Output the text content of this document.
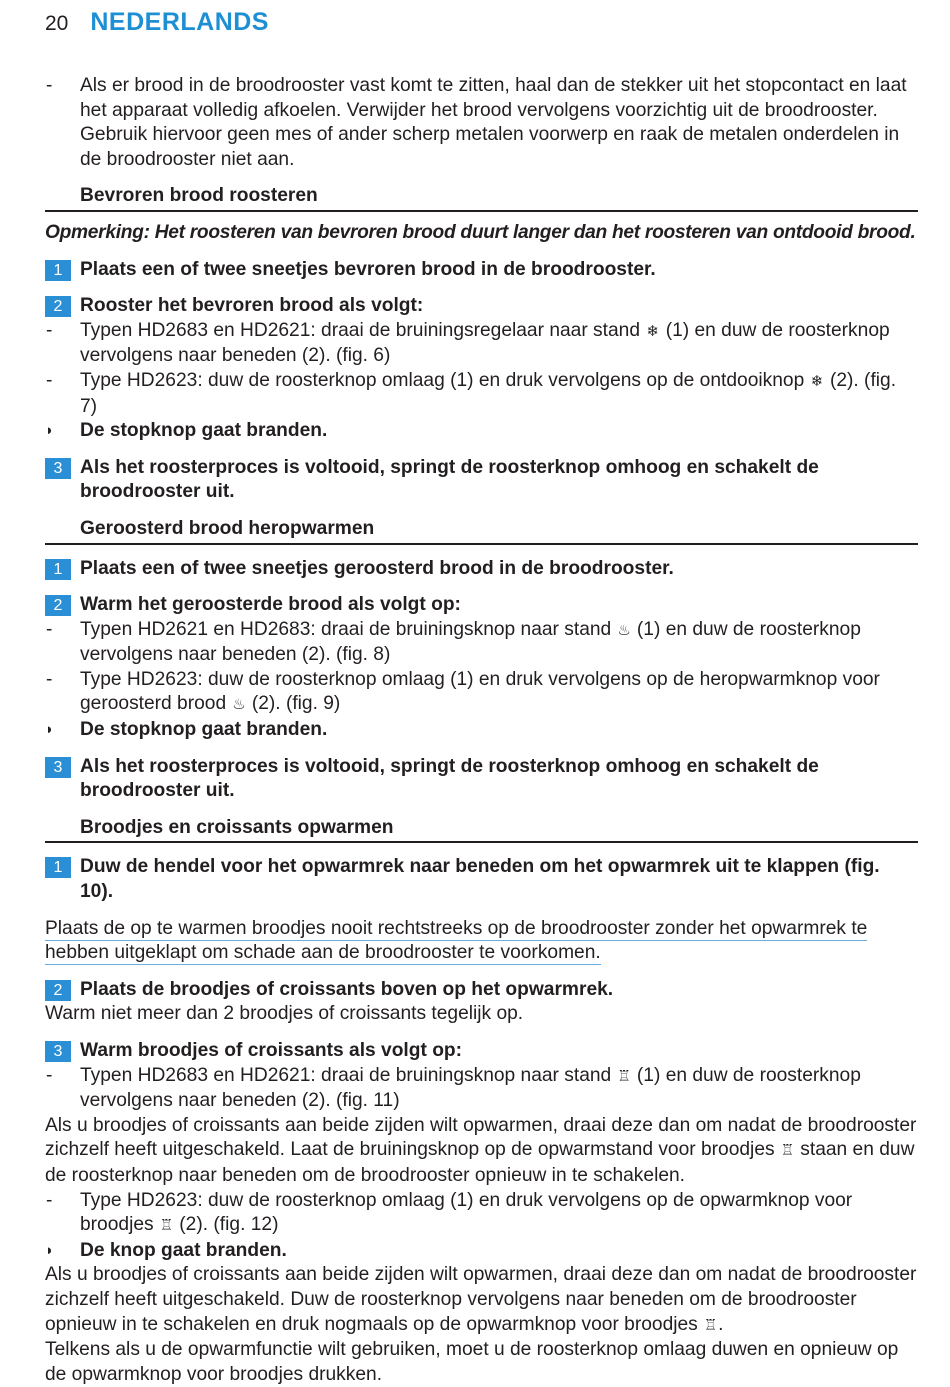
20 NEDERLANDS
- Als er brood in de broodrooster vast komt te zitten, haal dan de stekker uit het stopcontact en laat het apparaat volledig afkoelen. Verwijder het brood vervolgens voorzichtig uit de broodrooster. Gebruik hiervoor geen mes of ander scherp metalen voorwerp en raak de metalen onderdelen in de broodrooster niet aan.
Bevroren brood roosteren
Opmerking: Het roosteren van bevroren brood duurt langer dan het roosteren van ontdooid brood.
1 Plaats een of twee sneetjes bevroren brood in de broodrooster.
2 Rooster het bevroren brood als volgt:
- Typen HD2683 en HD2621: draai de bruiningsregelaar naar stand ❄ (1) en duw de roosterknop vervolgens naar beneden (2). (fig. 6)
- Type HD2623: duw de roosterknop omlaag (1) en druk vervolgens op de ontdooiknop ❄ (2). (fig. 7)
◗ De stopknop gaat branden.
3 Als het roosterproces is voltooid, springt de roosterknop omhoog en schakelt de broodrooster uit.
Geroosterd brood heropwarmen
1 Plaats een of twee sneetjes geroosterd brood in de broodrooster.
2 Warm het geroosterde brood als volgt op:
- Typen HD2621 en HD2683: draai de bruiningsknop naar stand ♨ (1) en duw de roosterknop vervolgens naar beneden (2). (fig. 8)
- Type HD2623: duw de roosterknop omlaag (1) en druk vervolgens op de heropwarmknop voor geroosterd brood ♨ (2). (fig. 9)
◗ De stopknop gaat branden.
3 Als het roosterproces is voltooid, springt de roosterknop omhoog en schakelt de broodrooster uit.
Broodjes en croissants opwarmen
1 Duw de hendel voor het opwarmrek naar beneden om het opwarmrek uit te klappen (fig. 10).
Plaats de op te warmen broodjes nooit rechtstreeks op de broodrooster zonder het opwarmrek te hebben uitgeklapt om schade aan de broodrooster te voorkomen.
2 Plaats de broodjes of croissants boven op het opwarmrek.
Warm niet meer dan 2 broodjes of croissants tegelijk op.
3 Warm broodjes of croissants als volgt op:
- Typen HD2683 en HD2621: draai de bruiningsknop naar stand ♖ (1) en duw de roosterknop vervolgens naar beneden (2). (fig. 11)
Als u broodjes of croissants aan beide zijden wilt opwarmen, draai deze dan om nadat de broodrooster zichzelf heeft uitgeschakeld. Laat de bruiningsknop op de opwarmstand voor broodjes ♖ staan en duw de roosterknop naar beneden om de broodrooster opnieuw in te schakelen.
- Type HD2623: duw de roosterknop omlaag (1) en druk vervolgens op de opwarmknop voor broodjes ♖ (2). (fig. 12)
◗ De knop gaat branden.
Als u broodjes of croissants aan beide zijden wilt opwarmen, draai deze dan om nadat de broodrooster zichzelf heeft uitgeschakeld. Duw de roosterknop vervolgens naar beneden om de broodrooster opnieuw in te schakelen en druk nogmaals op de opwarmknop voor broodjes ♖.
Telkens als u de opwarmfunctie wilt gebruiken, moet u de roosterknop omlaag duwen en opnieuw op de opwarmknop voor broodjes drukken.
